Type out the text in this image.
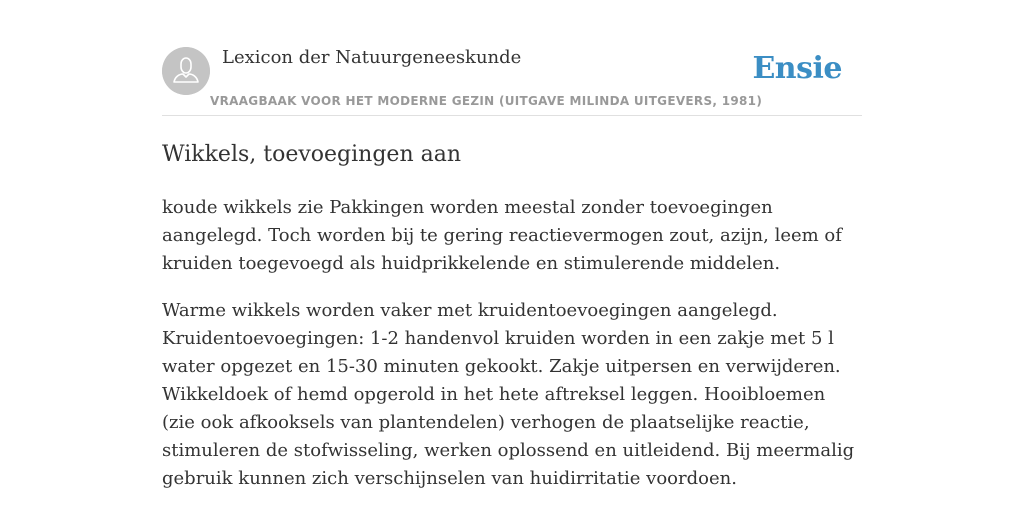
Lexicon der Natuurgeneeskunde
VRAAGBAAK VOOR HET MODERNE GEZIN (UITGAVE MILINDA UITGEVERS, 1981)
Ensie
Wikkels, toevoegingen aan

koude wikkels zie Pakkingen worden meestal zonder toevoegingen aangelegd. Toch worden bij te gering reactievermogen zout, azijn, leem of kruiden toegevoegd als huidprikkelende en stimulerende middelen.

Warme wikkels worden vaker met kruidentoevoegingen aangelegd. Kruidentoevoegingen: 1-2 handenvol kruiden worden in een zakje met 5 l water opgezet en 15-30 minuten gekookt. Zakje uitpersen en verwijderen. Wikkeldoek of hemd opgerold in het hete aftreksel leggen. Hooibloemen (zie ook afkooksels van plantendelen) verhogen de plaatselijke reactie, stimuleren de stofwisseling, werken oplossend en uitleidend. Bij meermalig gebruik kunnen zich verschijnselen van huidirritatie voordoen.
